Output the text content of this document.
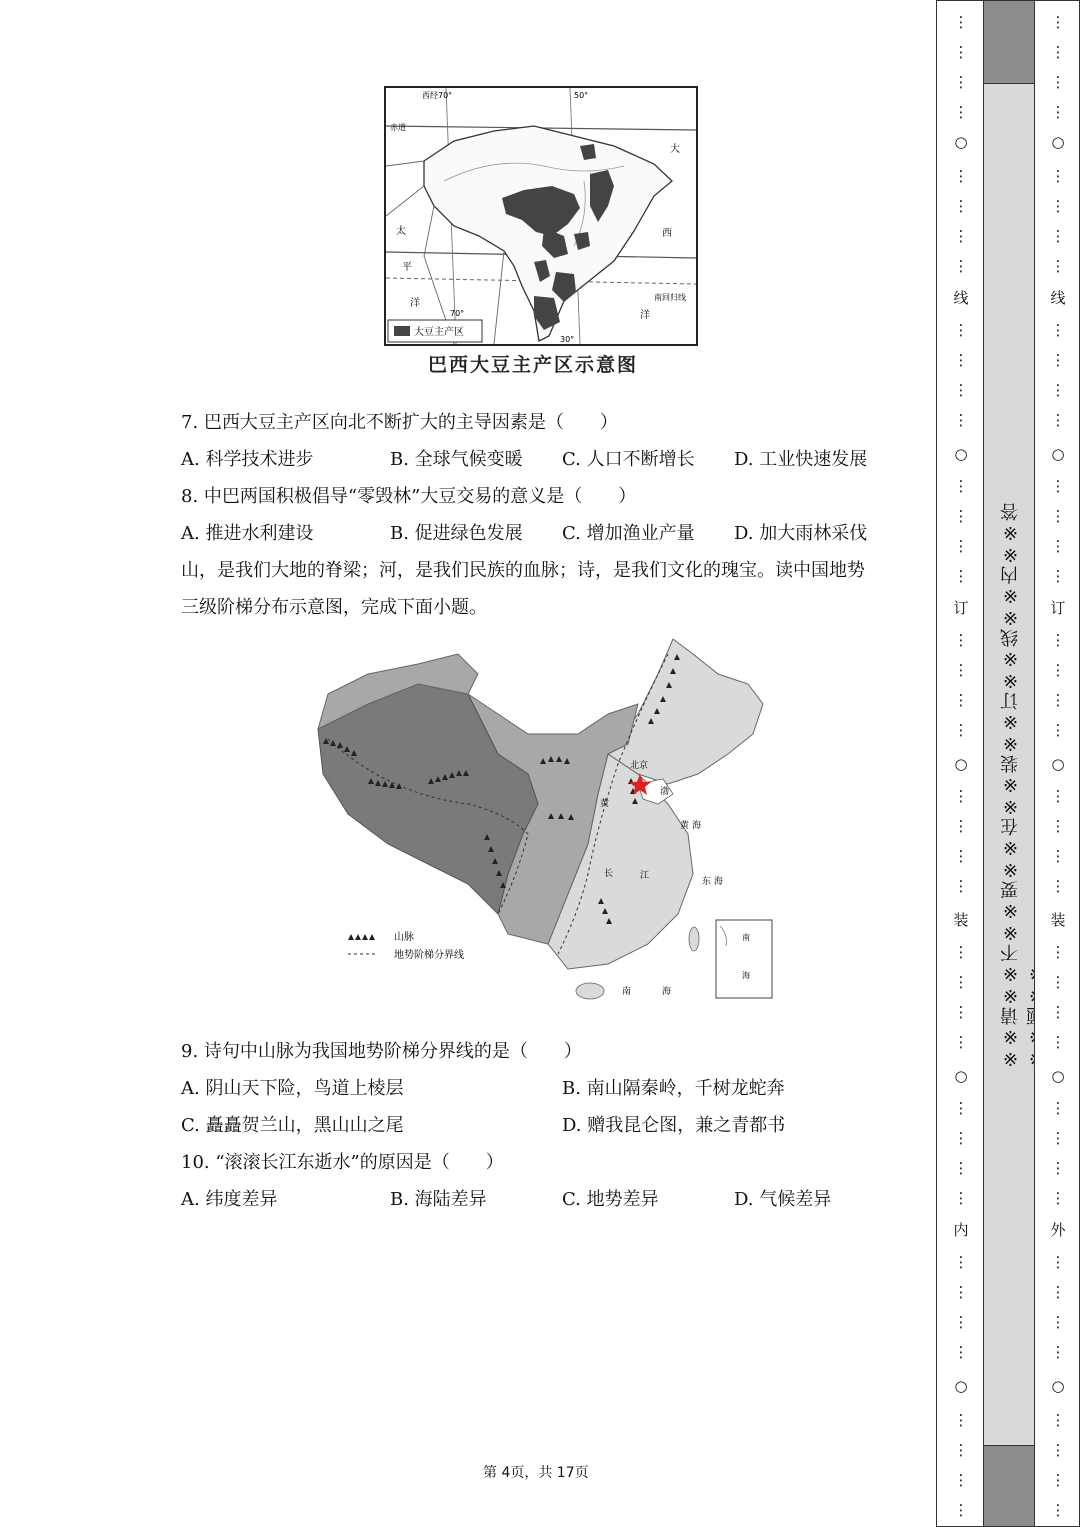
大豆主产区
西经70°	50°
赤道
大
西
洋
太
平
洋
南回归线
70°
30°
巴西大豆主产区示意图
7. 巴西大豆主产区向北不断扩大的主导因素是（　　）
A. 科学技术进步	B. 全球气候变暖 C. 人口不断增长 D. 工业快速发展
8. 中巴两国积极倡导“零毁林”大豆交易的意义是（　　）
A. 推进水利建设	B. 促进绿色发展 C. 增加渔业产量 D. 加大雨林采伐
山，是我们大地的脊梁；河，是我们民族的血脉；诗，是我们文化的瑰宝。读中国地势
三级阶梯分布示意图，完成下面小题。
北京
黄
渤
黄 海
长	江
东 海
南	海
南
海
山脉
地势阶梯分界线
9. 诗句中山脉为我国地势阶梯分界线的是（　　）
A. 阴山天下险，鸟道上棱层	B. 南山隔秦岭，千树龙蛇奔
C. 矗矗贺兰山，黑山山之尾	D. 赠我昆仑图，兼之青都书
10. “滚滚长江东逝水”的原因是（　　）
A. 纬度差异	B. 海陆差异	C. 地势差异	D. 气候差异
第 4页，共 17页
⋮
⋮
⋮
⋮
○
⋮
⋮
⋮
⋮
线
⋮
⋮
⋮
⋮
○
⋮
⋮
⋮
⋮
订
⋮
⋮
⋮
⋮
○
⋮
⋮
⋮
⋮
装
⋮
⋮
⋮
⋮
○
⋮
⋮
⋮
⋮
内
⋮
⋮
⋮
⋮
○
⋮
⋮
⋮
⋮
※※请※※不※※要※※在※※装※※订※※线※※内※※答
⋮
⋮
⋮
⋮
○
⋮
⋮
⋮
⋮
线
⋮
⋮
⋮
⋮
○
⋮
⋮
⋮
⋮
订
⋮
⋮
⋮
⋮
○
⋮
⋮
⋮
⋮
装
⋮
⋮
⋮
⋮
○
⋮
⋮
⋮
⋮
外
⋮
⋮
⋮
⋮
○
⋮
⋮
⋮
⋮
